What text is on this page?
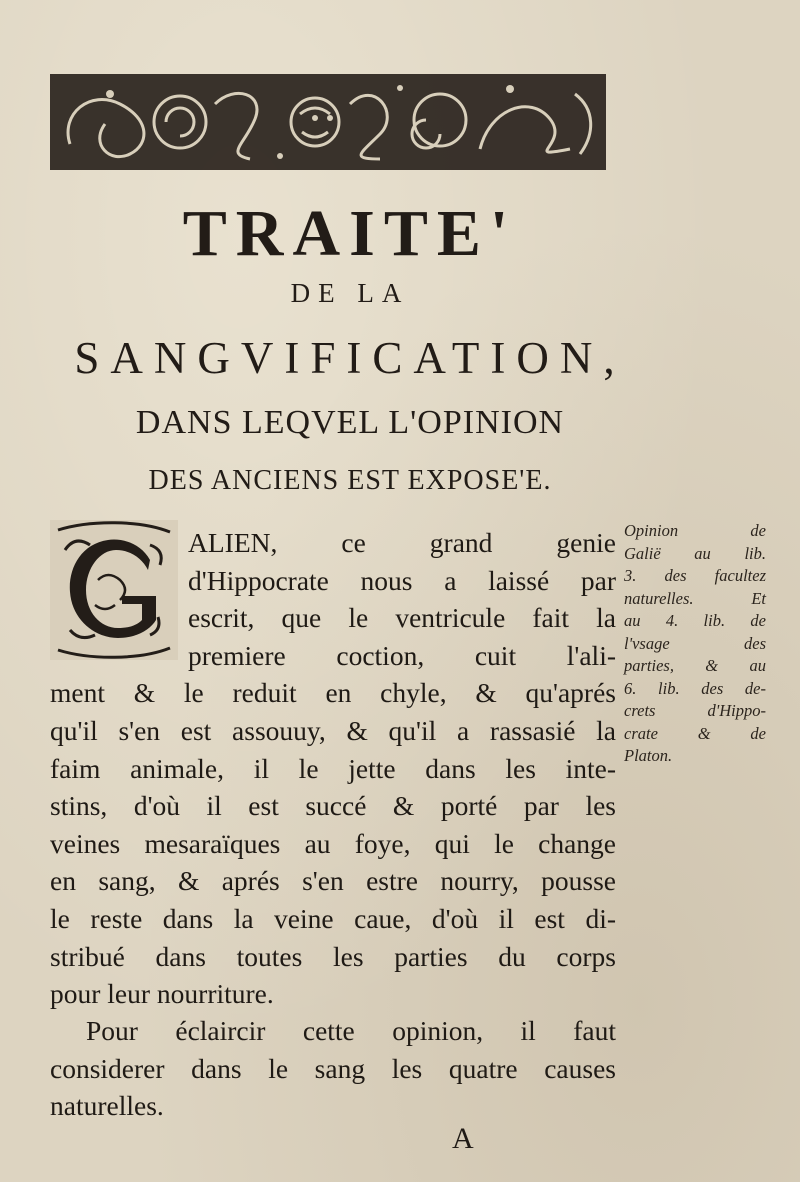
TRAITE'
DE LA
SANGVIFICATION,
DANS LEQVEL L'OPINION
DES ANCIENS EST EXPOSE'E.
ALIEN, ce grand genie
d'Hippocrate nous a laissé par
escrit, que le ventricule fait la
premiere coction, cuit l'ali-
ment & le reduit en chyle, & qu'aprés
qu'il s'en est assouuy, & qu'il a rassasié la
faim animale, il le jette dans les inte-
stins, d'où il est succé & porté par les
veines mesaraïques au foye, qui le change
en sang, & aprés s'en estre nourry, pousse
le reste dans la veine caue, d'où il est di-
stribué dans toutes les parties du corps
pour leur nourriture.
Pour éclaircir cette opinion, il faut
considerer dans le sang les quatre causes
naturelles.
Opinion de
Galië au lib.
3. des facultez
naturelles. Et
au 4. lib. de
l'vsage des
parties, & au
6. lib. des de-
crets d'Hippo-
crate & de
Platon.
A
